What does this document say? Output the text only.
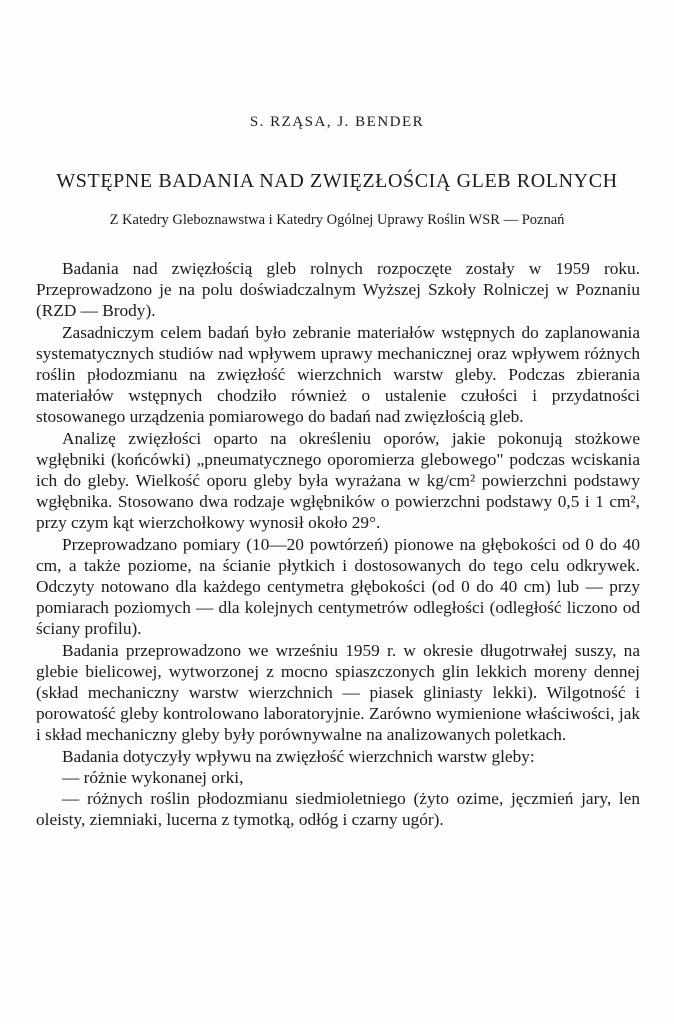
S. RZĄSA, J. BENDER
WSTĘPNE BADANIA NAD ZWIĘZŁOŚCIĄ GLEB ROLNYCH
Z Katedry Gleboznawstwa i Katedry Ogólnej Uprawy Roślin WSR — Poznań

Badania nad zwięzłością gleb rolnych rozpoczęte zostały w 1959 roku. Przeprowadzono je na polu doświadczalnym Wyższej Szkoły Rolniczej w Poznaniu (RZD — Brody).

Zasadniczym celem badań było zebranie materiałów wstępnych do zaplanowania systematycznych studiów nad wpływem uprawy mechanicznej oraz wpływem różnych roślin płodozmianu na zwięzłość wierzchnich warstw gleby. Podczas zbierania materiałów wstępnych chodziło również o ustalenie czułości i przydatności stosowanego urządzenia pomiarowego do badań nad zwięzłością gleb.

Analizę zwięzłości oparto na określeniu oporów, jakie pokonują stożkowe wgłębniki (końcówki) „pneumatycznego oporomierza glebowego" podczas wciskania ich do gleby. Wielkość oporu gleby była wyrażana w kg/cm² powierzchni podstawy wgłębnika. Stosowano dwa rodzaje wgłębników o powierzchni podstawy 0,5 i 1 cm², przy czym kąt wierzchołkowy wynosił około 29°.

Przeprowadzano pomiary (10—20 powtórzeń) pionowe na głębokości od 0 do 40 cm, a także poziome, na ścianie płytkich i dostosowanych do tego celu odkrywek. Odczyty notowano dla każdego centymetra głębokości (od 0 do 40 cm) lub — przy pomiarach poziomych — dla kolejnych centymetrów odległości (odległość liczono od ściany profilu).

Badania przeprowadzono we wrześniu 1959 r. w okresie długotrwałej suszy, na glebie bielicowej, wytworzonej z mocno spiaszczonych glin lekkich moreny dennej (skład mechaniczny warstw wierzchnich — piasek gliniasty lekki). Wilgotność i porowatość gleby kontrolowano laboratoryjnie. Zarówno wymienione właściwości, jak i skład mechaniczny gleby były porównywalne na analizowanych poletkach.

Badania dotyczyły wpływu na zwięzłość wierzchnich warstw gleby:

— różnie wykonanej orki,

— różnych roślin płodozmianu siedmioletniego (żyto ozime, jęczmień jary, len oleisty, ziemniaki, lucerna z tymotką, odłóg i czarny ugór).
